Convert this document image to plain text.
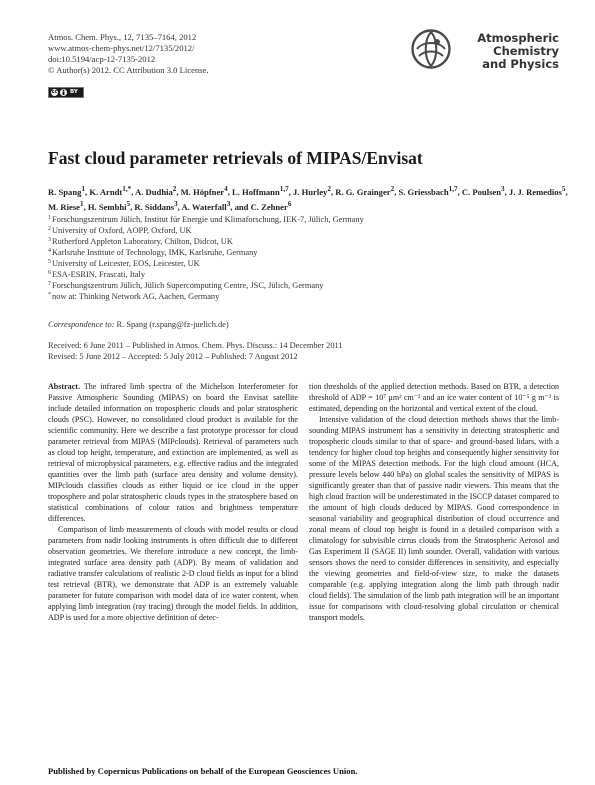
Atmos. Chem. Phys., 12, 7135–7164, 2012
www.atmos-chem-phys.net/12/7135/2012/
doi:10.5194/acp-12-7135-2012
© Author(s) 2012. CC Attribution 3.0 License.
cc BY
Atmospheric
Chemistry
and Physics
Fast cloud parameter retrievals of MIPAS/Envisat
R. Spang$^1$, K. Arndt$^{1,*}$, A. Dudhia$^2$, M. Höpfner$^4$, L. Hoffmann$^{1,7}$, J. Hurley$^2$, R. G. Grainger$^2$, S. Griessbach$^{1,7}$, C. Poulsen$^3$, J. J. Remedios$^5$, M. Riese$^1$, H. Sembhi$^5$, R. Siddans$^3$, A. Waterfall$^3$, and C. Zehner$^6$
$^1$Forschungszentrum Jülich, Institut für Energie und Klimaforschung, IEK-7, Jülich, Germany
$^2$University of Oxford, AOPP, Oxford, UK
$^3$Rutherford Appleton Laboratory, Chilton, Didcot, UK
$^4$Karlsruhe Institute of Technology, IMK, Karlsruhe, Germany
$^5$University of Leicester, EOS, Leicester, UK
$^6$ESA-ESRIN, Frascati, Italy
$^7$Forschungszentrum Jülich, Jülich Supercomputing Centre, JSC, Jülich, Germany
*now at: Thinking Network AG, Aachen, Germany
Correspondence to: R. Spang (r.spang@fz-juelich.de)
Received: 6 June 2011 – Published in Atmos. Chem. Phys. Discuss.: 14 December 2011
Revised: 5 June 2012 – Accepted: 5 July 2012 – Published: 7 August 2012

Abstract. The infrared limb spectra of the Michelson Interferometer for Passive Atmospheric Sounding (MIPAS) on board the Envisat satellite include detailed information on tropospheric clouds and polar stratospheric clouds (PSC). However, no consolidated cloud product is available for the scientific community. Here we describe a fast prototype processor for cloud parameter retrieval from MIPAS (MIPclouds). Retrieval of parameters such as cloud top height, temperature, and extinction are implemented, as well as retrieval of microphysical parameters, e.g. effective radius and the integrated quantities over the limb path (surface area density and volume density). MIPclouds classifies clouds as either liquid or ice cloud in the upper troposphere and polar stratospheric clouds types in the stratosphere based on statistical combinations of colour ratios and brightness temperature differences.

Comparison of limb measurements of clouds with model results or cloud parameters from nadir looking instruments is often difficult due to different observation geometries. We therefore introduce a new concept, the limb-integrated surface area density path (ADP). By means of validation and radiative transfer calculations of realistic 2-D cloud fields as input for a blind test retrieval (BTR), we demonstrate that ADP is an extremely valuable parameter for future comparison with model data of ice water content, when applying limb integration (ray tracing) through the model fields. In addition, ADP is used for a more objective definition of detec-

tion thresholds of the applied detection methods. Based on BTR, a detection threshold of ADP = 10⁷ μm² cm⁻² and an ice water content of 10⁻⁵ g m⁻³ is estimated, depending on the horizontal and vertical extent of the cloud.

Intensive validation of the cloud detection methods shows that the limb-sounding MIPAS instrument has a sensitivity in detecting stratospheric and tropospheric clouds similar to that of space- and ground-based lidars, with a tendency for higher cloud top heights and consequently higher sensitivity for some of the MIPAS detection methods. For the high cloud amount (HCA, pressure levels below 440 hPa) on global scales the sensitivity of MIPAS is significantly greater than that of passive nadir viewers. This means that the high cloud fraction will be underestimated in the ISCCP dataset compared to the amount of high clouds deduced by MIPAS. Good correspondence in seasonal variability and geographical distribution of cloud occurrence and zonal means of cloud top height is found in a detailed comparison with a climatology for subvisible cirrus clouds from the Stratospheric Aerosol and Gas Experiment II (SAGE II) limb sounder. Overall, validation with various sensors shows the need to consider differences in sensitivity, and especially the viewing geometries and field-of-view size, to make the datasets comparable (e.g. applying integration along the limb path through nadir cloud fields). The simulation of the limb path integration will be an important issue for comparisons with cloud-resolving global circulation or chemical transport models.

Published by Copernicus Publications on behalf of the European Geosciences Union.
